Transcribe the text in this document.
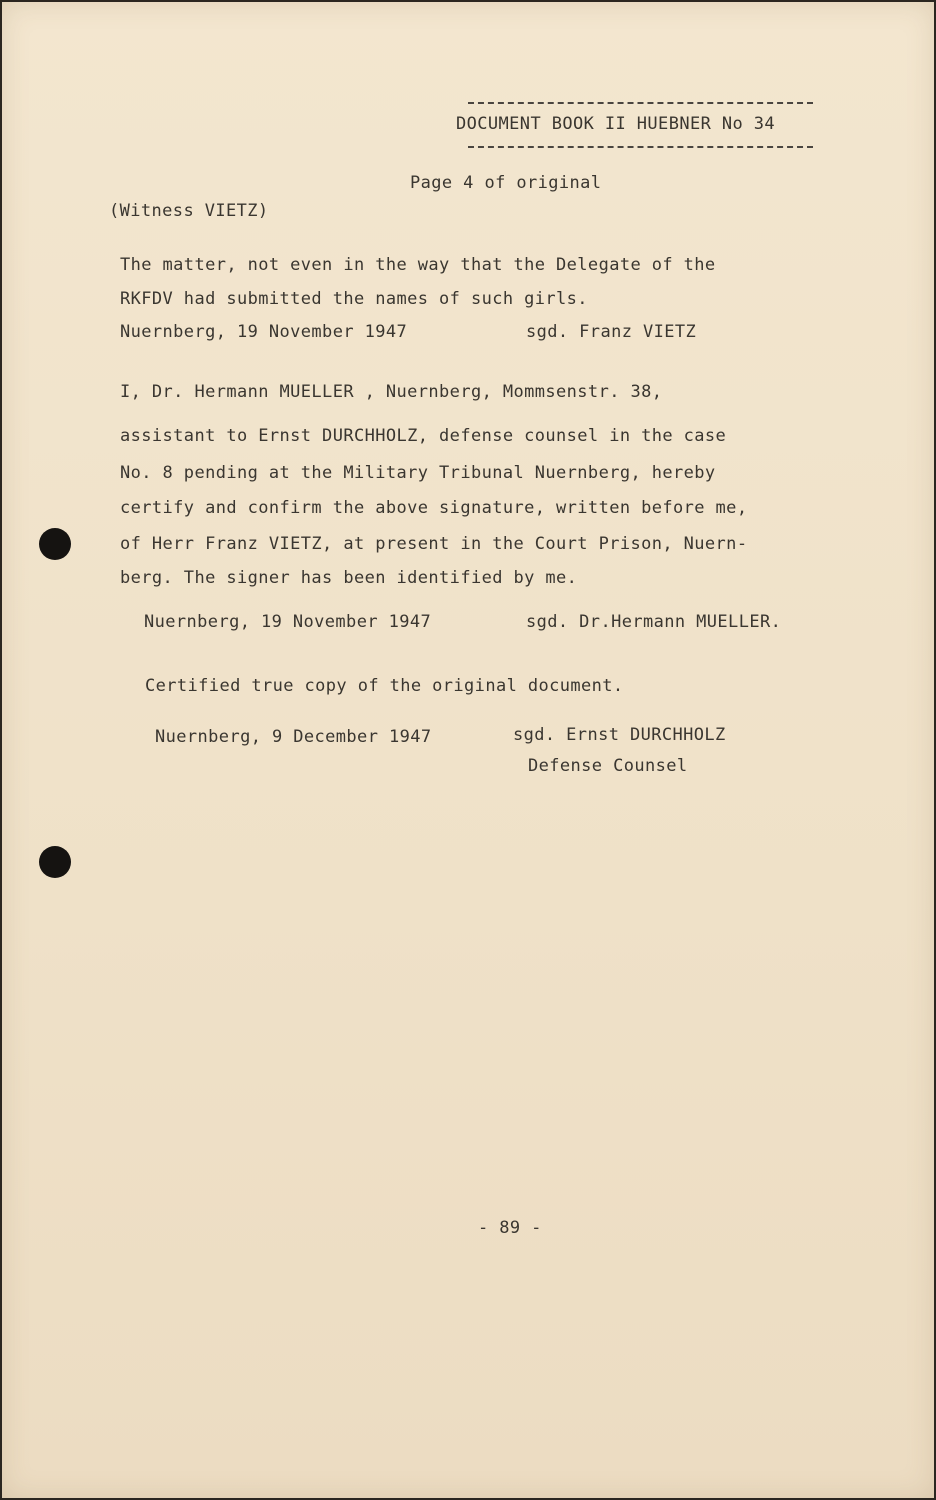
DOCUMENT BOOK II HUEBNER No 34
Page 4 of original
(Witness VIETZ)
The matter, not even in the way that the Delegate of the
RKFDV had submitted the names of such girls.
Nuernberg, 19 November 1947	sgd. Franz VIETZ
I, Dr. Hermann MUELLER , Nuernberg, Mommsenstr. 38,
assistant to Ernst DURCHHOLZ, defense counsel in the case
No. 8 pending at the Military Tribunal Nuernberg, hereby
certify and confirm the above signature, written before me,
of Herr Franz VIETZ, at present in the Court Prison, Nuern-
berg. The signer has been identified by me.
Nuernberg, 19 November 1947	sgd. Dr.Hermann MUELLER.
Certified true copy of the original document.
Nuernberg, 9 December 1947	sgd. Ernst DURCHHOLZ
Defense Counsel
- 89 -
